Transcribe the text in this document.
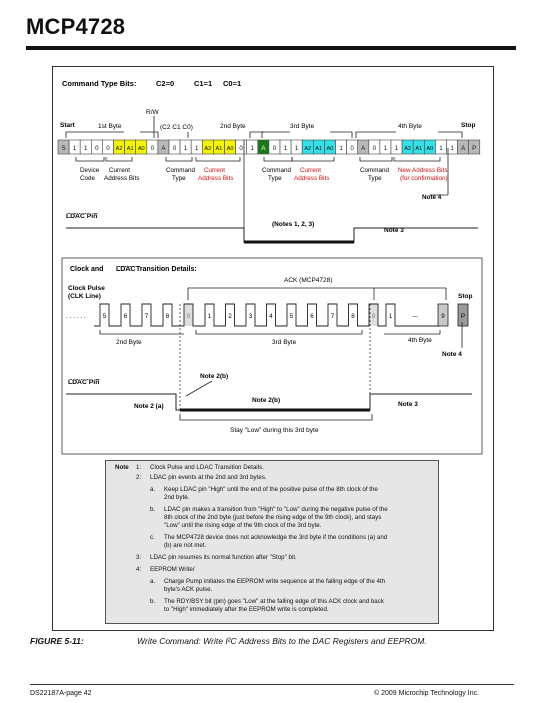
MCP4728
Command Type Bits:	C2=0	C1=1 C0=1
Start	Stop
1st Byte	2nd Byte	3rd Byte	4th Byte
(C2 C1 C0)
R/W
S 1 1 0 0 A2 A1 A0 0 A 0 1 1 A2 A1 A0 0 1 A 0 1 1 A2 A1 A0 1 0 A 0 1 1 A2 A1 A0 1 1 A P
Device
Code
Current
Address Bits
Command
Type
Current
Address Bits
Command
Type
Current
Address Bits
Command
Type
New Address Bits
(for confirmation)
Note 4
LDAC Pin
(Notes 1, 2, 3)
Note 3
Clock and LDAC Transition Details:
ACK (MCP4728)
Clock Pulse
(CLK Line)	Stop
. . . . . .	5	6	7	8	1	2	3	4	5	6	7	8	1	---	9	P
2nd Byte	3rd Byte	4th Byte
Note 4
LDAC Pin
Note 2(b)
Note 2 (a)
Note 2(b)
Note 3
Stay "Low" during this 3rd byte
Note 1: Clock Pulse and LDAC Transition Details.
2: LDAC pin events at the 2nd and 3rd bytes.
a. Keep LDAC pin "High" until the end of the positive pulse of the 8th clock of the
2nd byte.
b. LDAC pin makes a transition from "High" to "Low" during the negative pulse of the
8th clock of the 2nd byte (just before the rising edge of the 9th clock), and stays
"Low" until the rising edge of the 9th clock of the 3rd byte.
c. The MCP4728 device does not acknowledge the 3rd byte if the conditions (a) and
(b) are not met.
3: LDAC pin resumes its normal function after "Stop" bit.
4: EEPROM Write/
a. Charge Pump initiates the EEPROM write sequence at the falling edge of the 4th
byte's ACK pulse.
b. The RDY/BSY bit (pin) goes "Low" at the falling edge of this ACK clock and back
to "High" immediately after the EEPROM write is completed.
FIGURE 5-11:	Write Command: Write I²C Address Bits to the DAC Registers and EEPROM.
DS22187A-page 42	© 2009 Microchip Technology Inc.
